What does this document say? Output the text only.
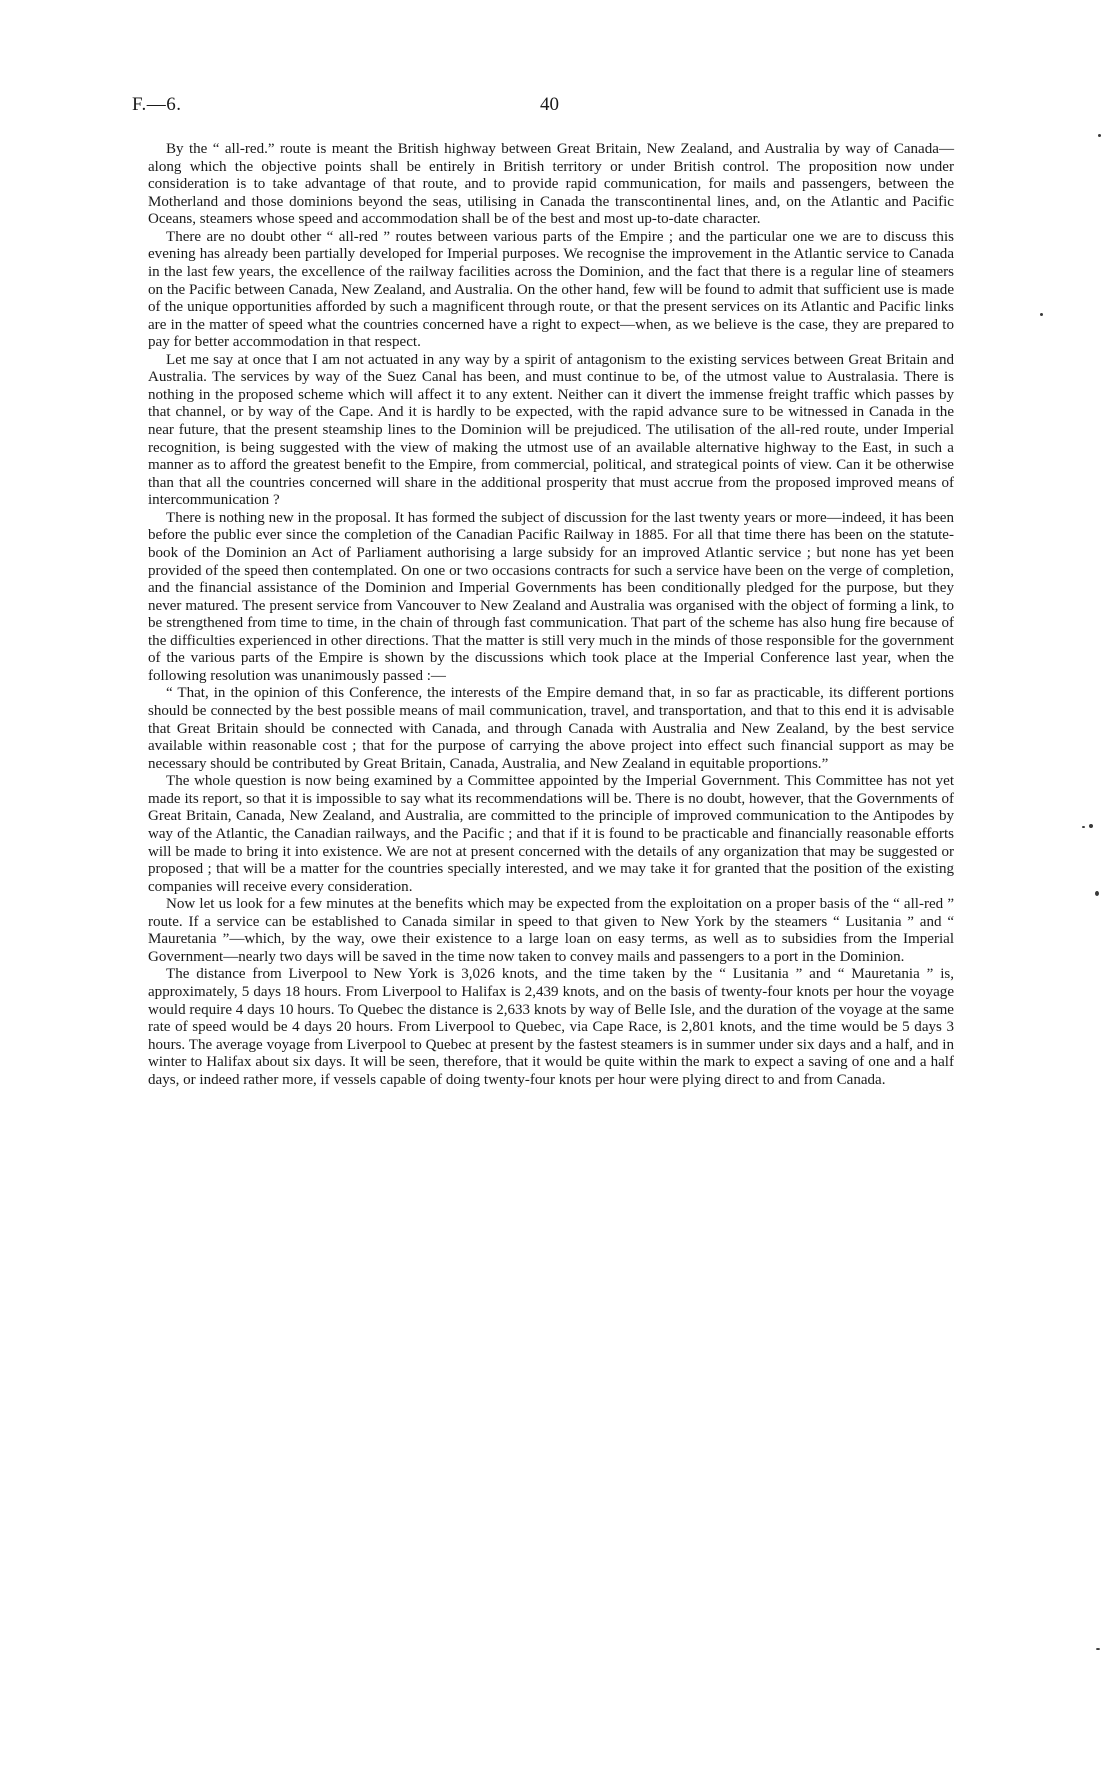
F.—6.	40

By the “ all-red.” route is meant the British highway between Great Britain, New Zealand, and Australia by way of Canada—along which the objective points shall be entirely in British territory or under British control. The proposition now under consideration is to take advantage of that route, and to provide rapid communication, for mails and passengers, between the Motherland and those dominions beyond the seas, utilising in Canada the transcontinental lines, and, on the Atlantic and Pacific Oceans, steamers whose speed and accommodation shall be of the best and most up-to-date character.

There are no doubt other “ all-red ” routes between various parts of the Empire ; and the particular one we are to discuss this evening has already been partially developed for Imperial purposes. We recognise the improvement in the Atlantic service to Canada in the last few years, the excellence of the railway facilities across the Dominion, and the fact that there is a regular line of steamers on the Pacific between Canada, New Zealand, and Australia. On the other hand, few will be found to admit that sufficient use is made of the unique opportunities afforded by such a magnificent through route, or that the present services on its Atlantic and Pacific links are in the matter of speed what the countries concerned have a right to expect—when, as we believe is the case, they are prepared to pay for better accommodation in that respect.

Let me say at once that I am not actuated in any way by a spirit of antagonism to the existing services between Great Britain and Australia. The services by way of the Suez Canal has been, and must continue to be, of the utmost value to Australasia. There is nothing in the proposed scheme which will affect it to any extent. Neither can it divert the immense freight traffic which passes by that channel, or by way of the Cape. And it is hardly to be expected, with the rapid advance sure to be witnessed in Canada in the near future, that the present steamship lines to the Dominion will be prejudiced. The utilisation of the all-red route, under Imperial recognition, is being suggested with the view of making the utmost use of an available alternative highway to the East, in such a manner as to afford the greatest benefit to the Empire, from commercial, political, and strategical points of view. Can it be otherwise than that all the countries concerned will share in the additional prosperity that must accrue from the proposed improved means of intercommunication ?

There is nothing new in the proposal. It has formed the subject of discussion for the last twenty years or more—indeed, it has been before the public ever since the completion of the Canadian Pacific Railway in 1885. For all that time there has been on the statute-book of the Dominion an Act of Parliament authorising a large subsidy for an improved Atlantic service ; but none has yet been provided of the speed then contemplated. On one or two occasions contracts for such a service have been on the verge of completion, and the financial assistance of the Dominion and Imperial Governments has been conditionally pledged for the purpose, but they never matured. The present service from Vancouver to New Zealand and Australia was organised with the object of forming a link, to be strengthened from time to time, in the chain of through fast communication. That part of the scheme has also hung fire because of the difficulties experienced in other directions. That the matter is still very much in the minds of those responsible for the government of the various parts of the Empire is shown by the discussions which took place at the Imperial Conference last year, when the following resolution was unanimously passed :—

“ That, in the opinion of this Conference, the interests of the Empire demand that, in so far as practicable, its different portions should be connected by the best possible means of mail communication, travel, and transportation, and that to this end it is advisable that Great Britain should be connected with Canada, and through Canada with Australia and New Zealand, by the best service available within reasonable cost ; that for the purpose of carrying the above project into effect such financial support as may be necessary should be contributed by Great Britain, Canada, Australia, and New Zealand in equitable proportions.”

The whole question is now being examined by a Committee appointed by the Imperial Government. This Committee has not yet made its report, so that it is impossible to say what its recommendations will be. There is no doubt, however, that the Governments of Great Britain, Canada, New Zealand, and Australia, are committed to the principle of improved communication to the Antipodes by way of the Atlantic, the Canadian railways, and the Pacific ; and that if it is found to be practicable and financially reasonable efforts will be made to bring it into existence. We are not at present concerned with the details of any organization that may be suggested or proposed ; that will be a matter for the countries specially interested, and we may take it for granted that the position of the existing companies will receive every consideration.

Now let us look for a few minutes at the benefits which may be expected from the exploitation on a proper basis of the “ all-red ” route. If a service can be established to Canada similar in speed to that given to New York by the steamers “ Lusitania ” and “ Mauretania ”—which, by the way, owe their existence to a large loan on easy terms, as well as to subsidies from the Imperial Government—nearly two days will be saved in the time now taken to convey mails and passengers to a port in the Dominion.

The distance from Liverpool to New York is 3,026 knots, and the time taken by the “ Lusitania ” and “ Mauretania ” is, approximately, 5 days 18 hours. From Liverpool to Halifax is 2,439 knots, and on the basis of twenty-four knots per hour the voyage would require 4 days 10 hours. To Quebec the distance is 2,633 knots by way of Belle Isle, and the duration of the voyage at the same rate of speed would be 4 days 20 hours. From Liverpool to Quebec, via Cape Race, is 2,801 knots, and the time would be 5 days 3 hours. The average voyage from Liverpool to Quebec at present by the fastest steamers is in summer under six days and a half, and in winter to Halifax about six days. It will be seen, therefore, that it would be quite within the mark to expect a saving of one and a half days, or indeed rather more, if vessels capable of doing twenty-four knots per hour were plying direct to and from Canada.
